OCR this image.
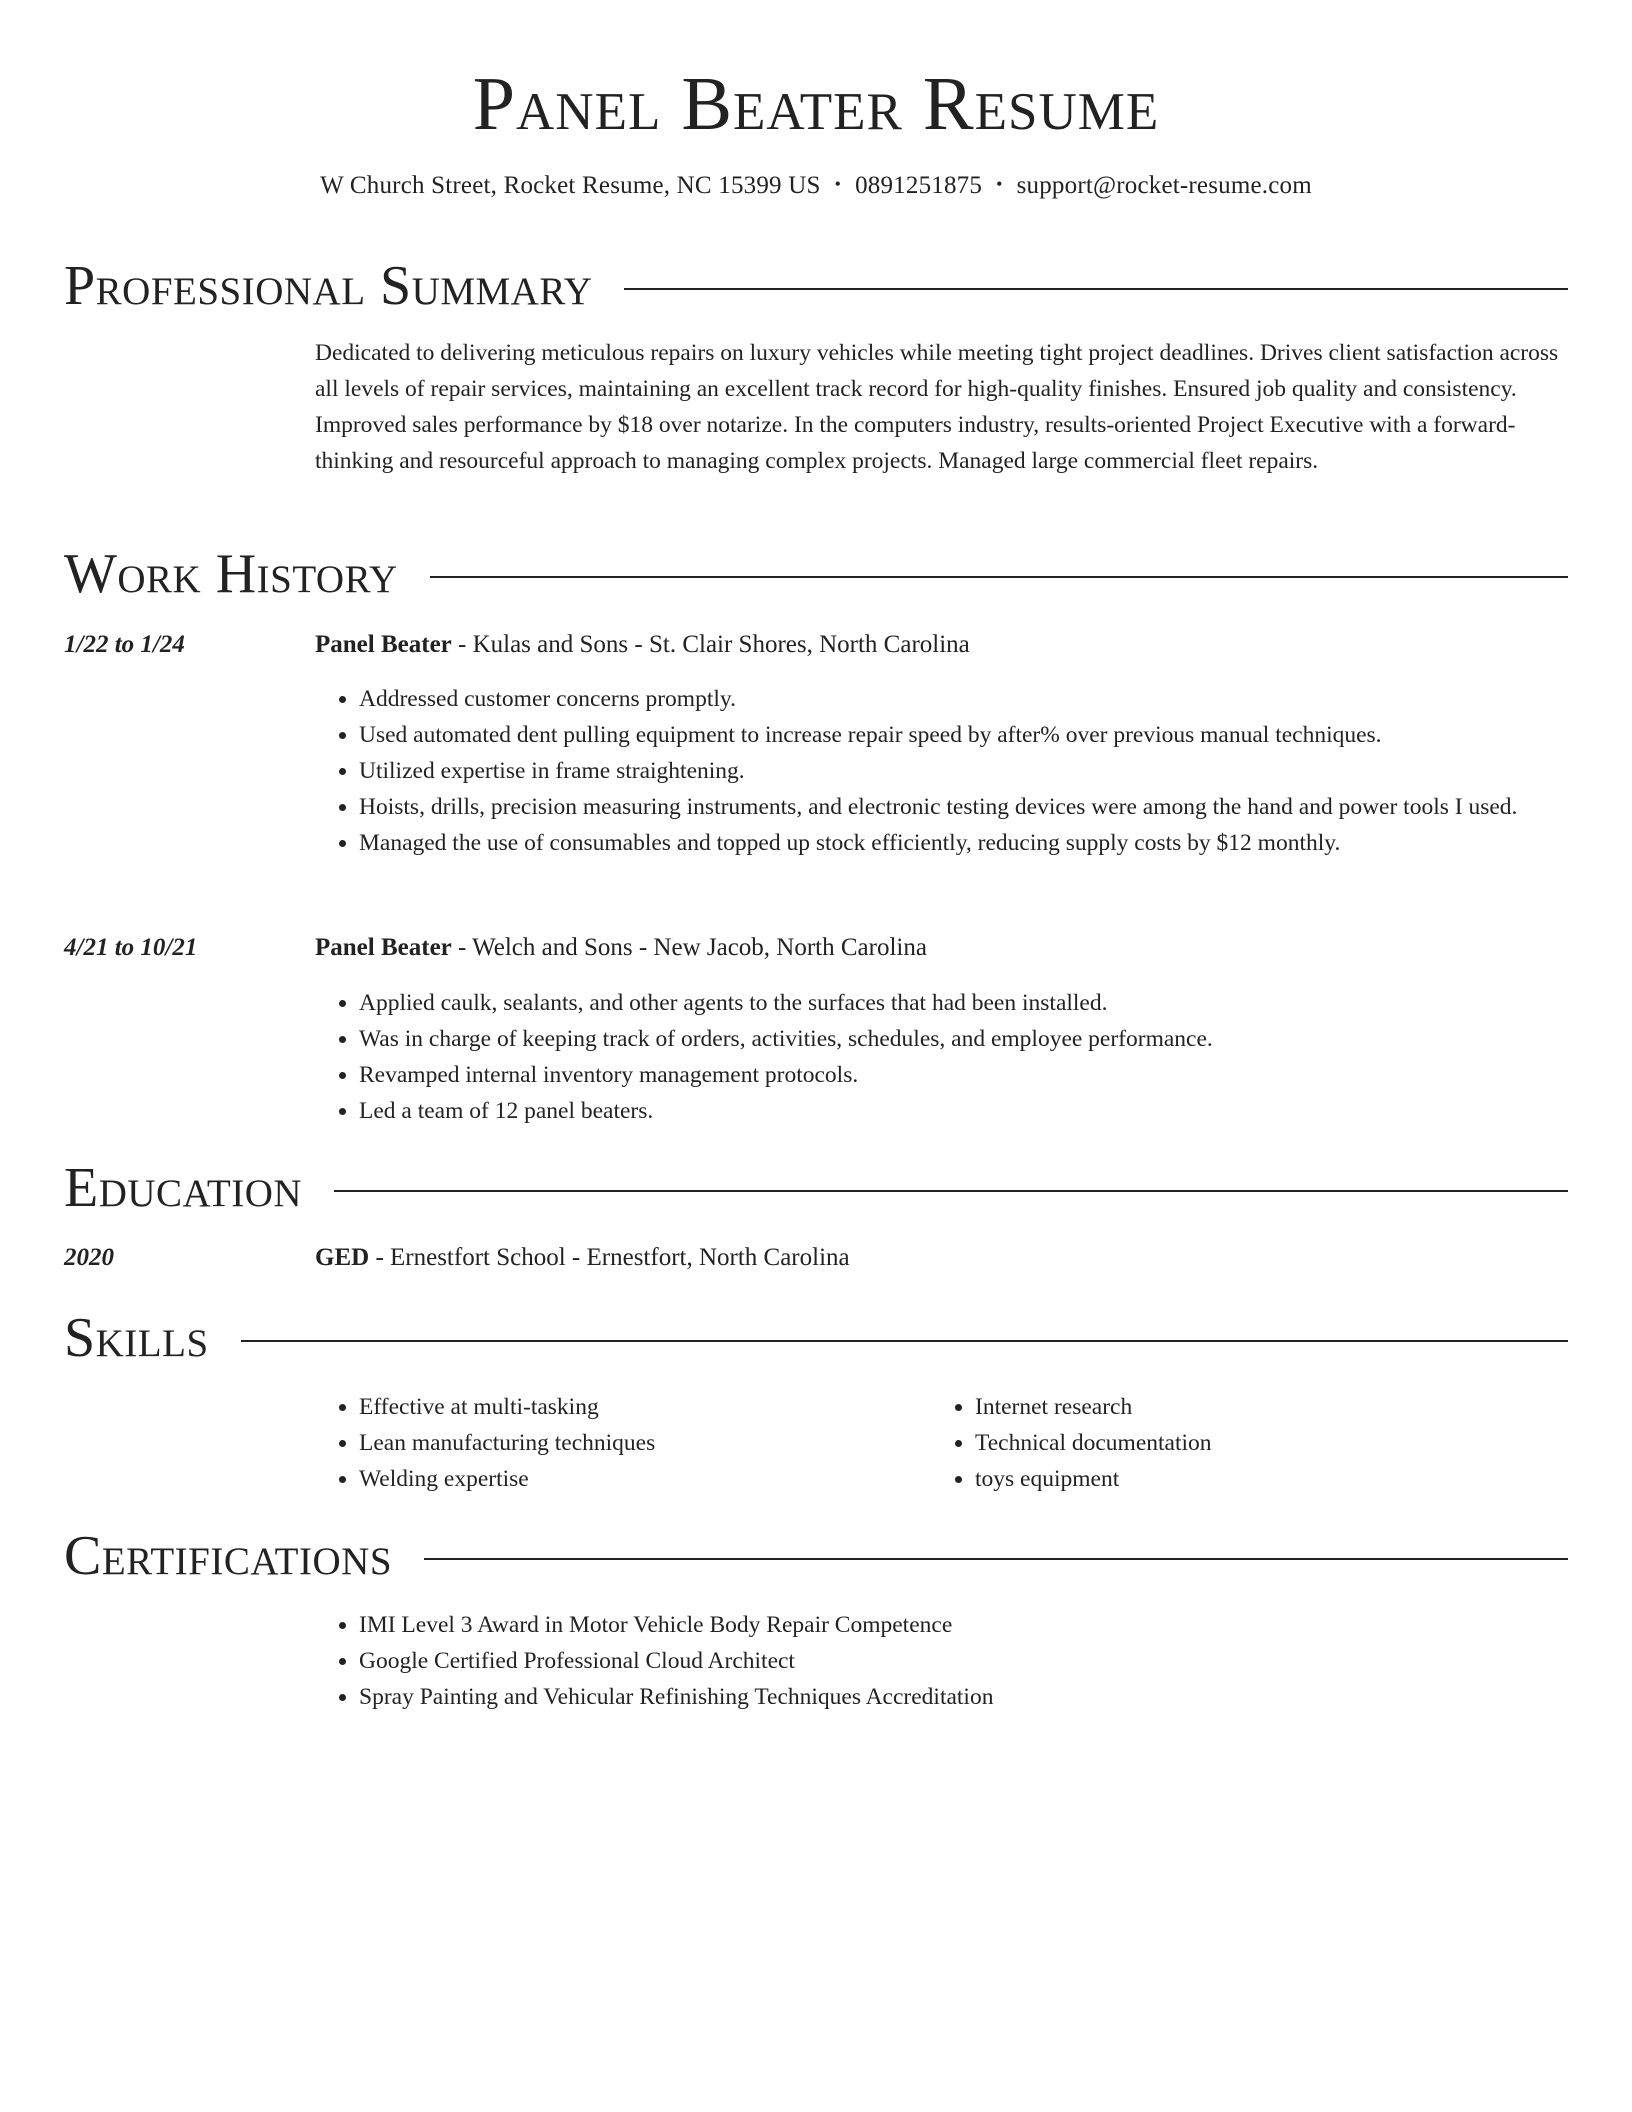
Panel Beater Resume
W Church Street, Rocket Resume, NC 15399 US • 0891251875 • support@rocket-resume.com
Professional Summary
Dedicated to delivering meticulous repairs on luxury vehicles while meeting tight project deadlines. Drives client satisfaction across all levels of repair services, maintaining an excellent track record for high-quality finishes. Ensured job quality and consistency. Improved sales performance by $18 over notarize. In the computers industry, results-oriented Project Executive with a forward-thinking and resourceful approach to managing complex projects. Managed large commercial fleet repairs.
Work History
1/22 to 1/24	Panel Beater - Kulas and Sons - St. Clair Shores, North Carolina
• Addressed customer concerns promptly.
• Used automated dent pulling equipment to increase repair speed by after% over previous manual techniques.
• Utilized expertise in frame straightening.
• Hoists, drills, precision measuring instruments, and electronic testing devices were among the hand and power tools I used.
• Managed the use of consumables and topped up stock efficiently, reducing supply costs by $12 monthly.
4/21 to 10/21	Panel Beater - Welch and Sons - New Jacob, North Carolina
• Applied caulk, sealants, and other agents to the surfaces that had been installed.
• Was in charge of keeping track of orders, activities, schedules, and employee performance.
• Revamped internal inventory management protocols.
• Led a team of 12 panel beaters.
Education
2020	GED - Ernestfort School - Ernestfort, North Carolina
Skills
• Effective at multi-tasking
• Lean manufacturing techniques
• Welding expertise
• Internet research
• Technical documentation
• toys equipment
Certifications
• IMI Level 3 Award in Motor Vehicle Body Repair Competence
• Google Certified Professional Cloud Architect
• Spray Painting and Vehicular Refinishing Techniques Accreditation
